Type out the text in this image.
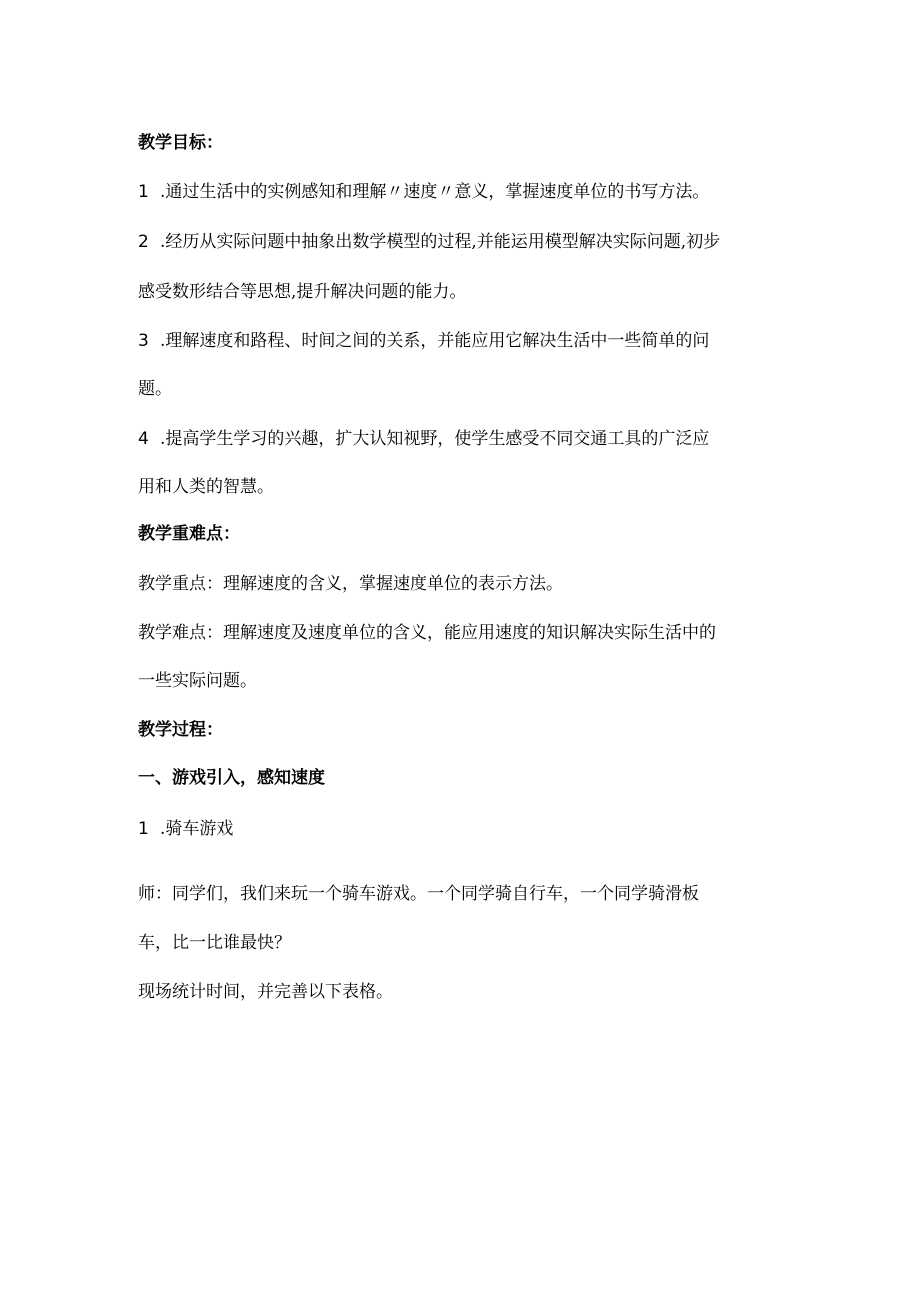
教学目标：
1 .通过生活中的实例感知和理解〃速度〃意义，掌握速度单位的书写方法。
2 .经历从实际问题中抽象出数学模型的过程,并能运用模型解决实际问题,初步
感受数形结合等思想,提升解决问题的能力。
3 .理解速度和路程、时间之间的关系，并能应用它解决生活中一些简单的问
题。
4 .提高学生学习的兴趣，扩大认知视野，使学生感受不同交通工具的广泛应
用和人类的智慧。
教学重难点：
教学重点：理解速度的含义，掌握速度单位的表示方法。
教学难点：理解速度及速度单位的含义，能应用速度的知识解决实际生活中的
一些实际问题。
教学过程：
一、游戏引入，感知速度
1 .骑车游戏
师：同学们，我们来玩一个骑车游戏。一个同学骑自行车，一个同学骑滑板
车，比一比谁最快？
现场统计时间，并完善以下表格。
